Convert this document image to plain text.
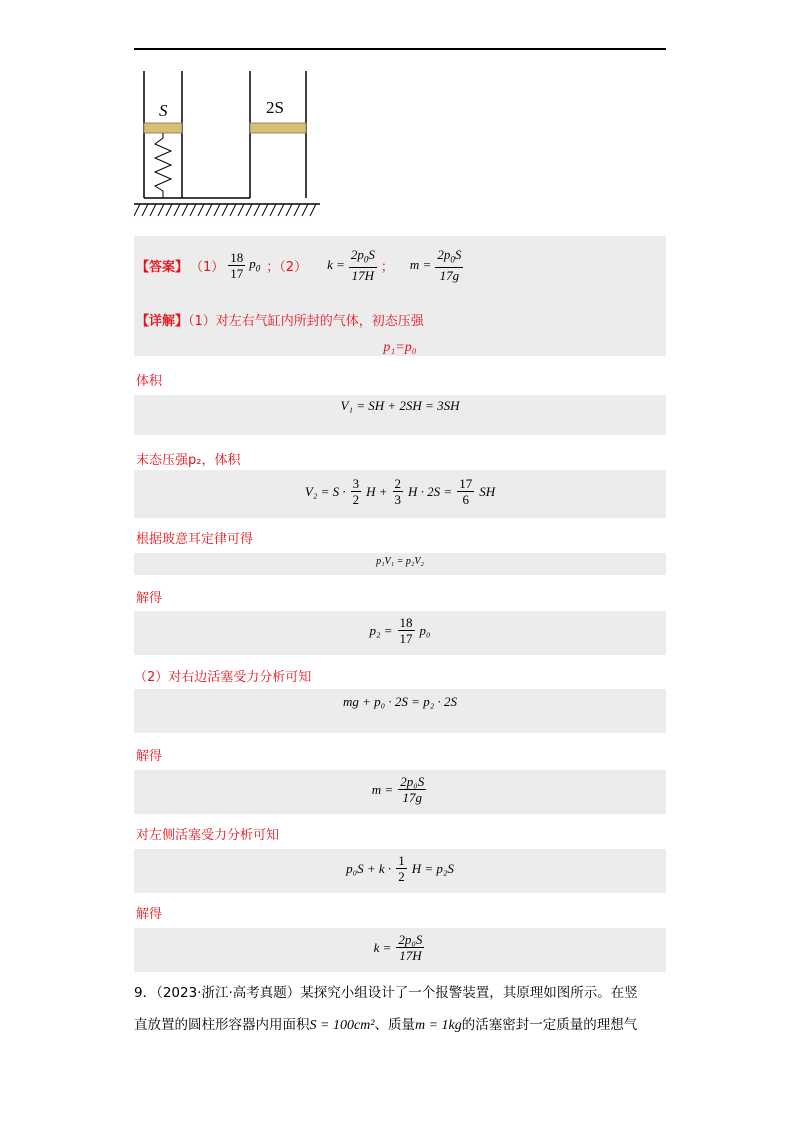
S	2S
【答案】 $(1) \frac{18}{17} p_0$ ；（2） $k = \frac{2p_0S}{17H}$ ； $m = \frac{2p_0S}{17g}$
【详解】（1）对左右气缸内所封的气体，初态压强
p₁=p₀
体积
V₁ = SH + 2SH = 3SH
末态压强p₂，体积
$V_2 = S \cdot \frac{3}{2}$ $H + \frac{2}{3}$ $H \cdot 2S = \frac{17}{6}$ SH
根据玻意耳定律可得
p₁V₁ = p₂V₂
解得
$p_2 = \frac{18}{17} p_0$
（2）对右边活塞受力分析可知
mg + p₀ · 2S = p₂ · 2S
解得
$m = \frac{\text{2p₀S}}{17g}$
对左侧活塞受力分析可知
$p_0S + k \cdot \frac{1}{2}$ H = p₂S
解得
$k = \frac{\text{2p₀S}}{17H}$
9．（2023·浙江·高考真题）某探究小组设计了一个报警装置，其原理如图所示。在竖
直放置的圆柱形容器内用面积S = 100cm²、质量m = 1kg的活塞密封一定质量的理想气
